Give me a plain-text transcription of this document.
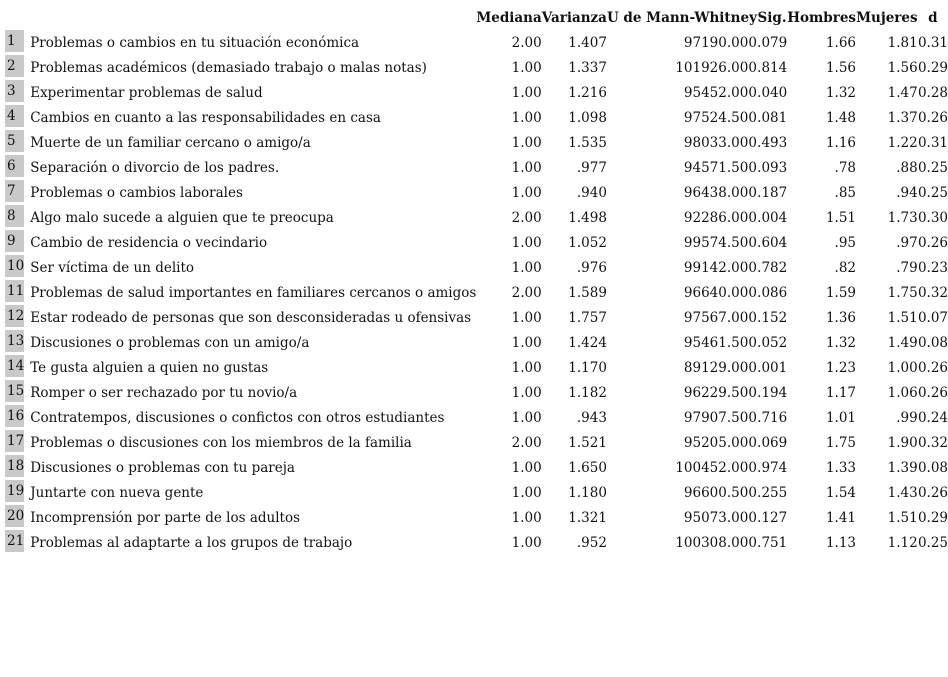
		Mediana	Varianza	U de Mann-Whitney	Sig.	Hombres	Mujeres	d
1	Problemas o cambios en tu situación económica	2.00	1.407	97190.000	.079	1.66	1.81	0.31
2	Problemas académicos (demasiado trabajo o malas notas)	1.00	1.337	101926.000	.814	1.56	1.56	0.29
3	Experimentar problemas de salud	1.00	1.216	95452.000	.040	1.32	1.47	0.28
4	Cambios en cuanto a las responsabilidades en casa	1.00	1.098	97524.500	.081	1.48	1.37	0.26
5	Muerte de un familiar cercano o amigo/a	1.00	1.535	98033.000	.493	1.16	1.22	0.31
6	Separación o divorcio de los padres.	1.00	.977	94571.500	.093	.78	.88	0.25
7	Problemas o cambios laborales	1.00	.940	96438.000	.187	.85	.94	0.25
8	Algo malo sucede a alguien que te preocupa	2.00	1.498	92286.000	.004	1.51	1.73	0.30
9	Cambio de residencia o vecindario	1.00	1.052	99574.500	.604	.95	.97	0.26
10	Ser víctima de un delito	1.00	.976	99142.000	.782	.82	.79	0.23
11	Problemas de salud importantes en familiares cercanos o amigos	2.00	1.589	96640.000	.086	1.59	1.75	0.32
12	Estar rodeado de personas que son desconsideradas u ofensivas	1.00	1.757	97567.000	.152	1.36	1.51	0.07
13	Discusiones o problemas con un amigo/a	1.00	1.424	95461.500	.052	1.32	1.49	0.08
14	Te gusta alguien a quien no gustas	1.00	1.170	89129.000	.001	1.23	1.00	0.26
15	Romper o ser rechazado por tu novio/a	1.00	1.182	96229.500	.194	1.17	1.06	0.26
16	Contratempos, discusiones o confictos con otros estudiantes	1.00	.943	97907.500	.716	1.01	.99	0.24
17	Problemas o discusiones con los miembros de la familia	2.00	1.521	95205.000	.069	1.75	1.90	0.32
18	Discusiones o problemas con tu pareja	1.00	1.650	100452.000	.974	1.33	1.39	0.08
19	Juntarte con nueva gente	1.00	1.180	96600.500	.255	1.54	1.43	0.26
20	Incomprensión por parte de los adultos	1.00	1.321	95073.000	.127	1.41	1.51	0.29
21	Problemas al adaptarte a los grupos de trabajo	1.00	.952	100308.000	.751	1.13	1.12	0.25
